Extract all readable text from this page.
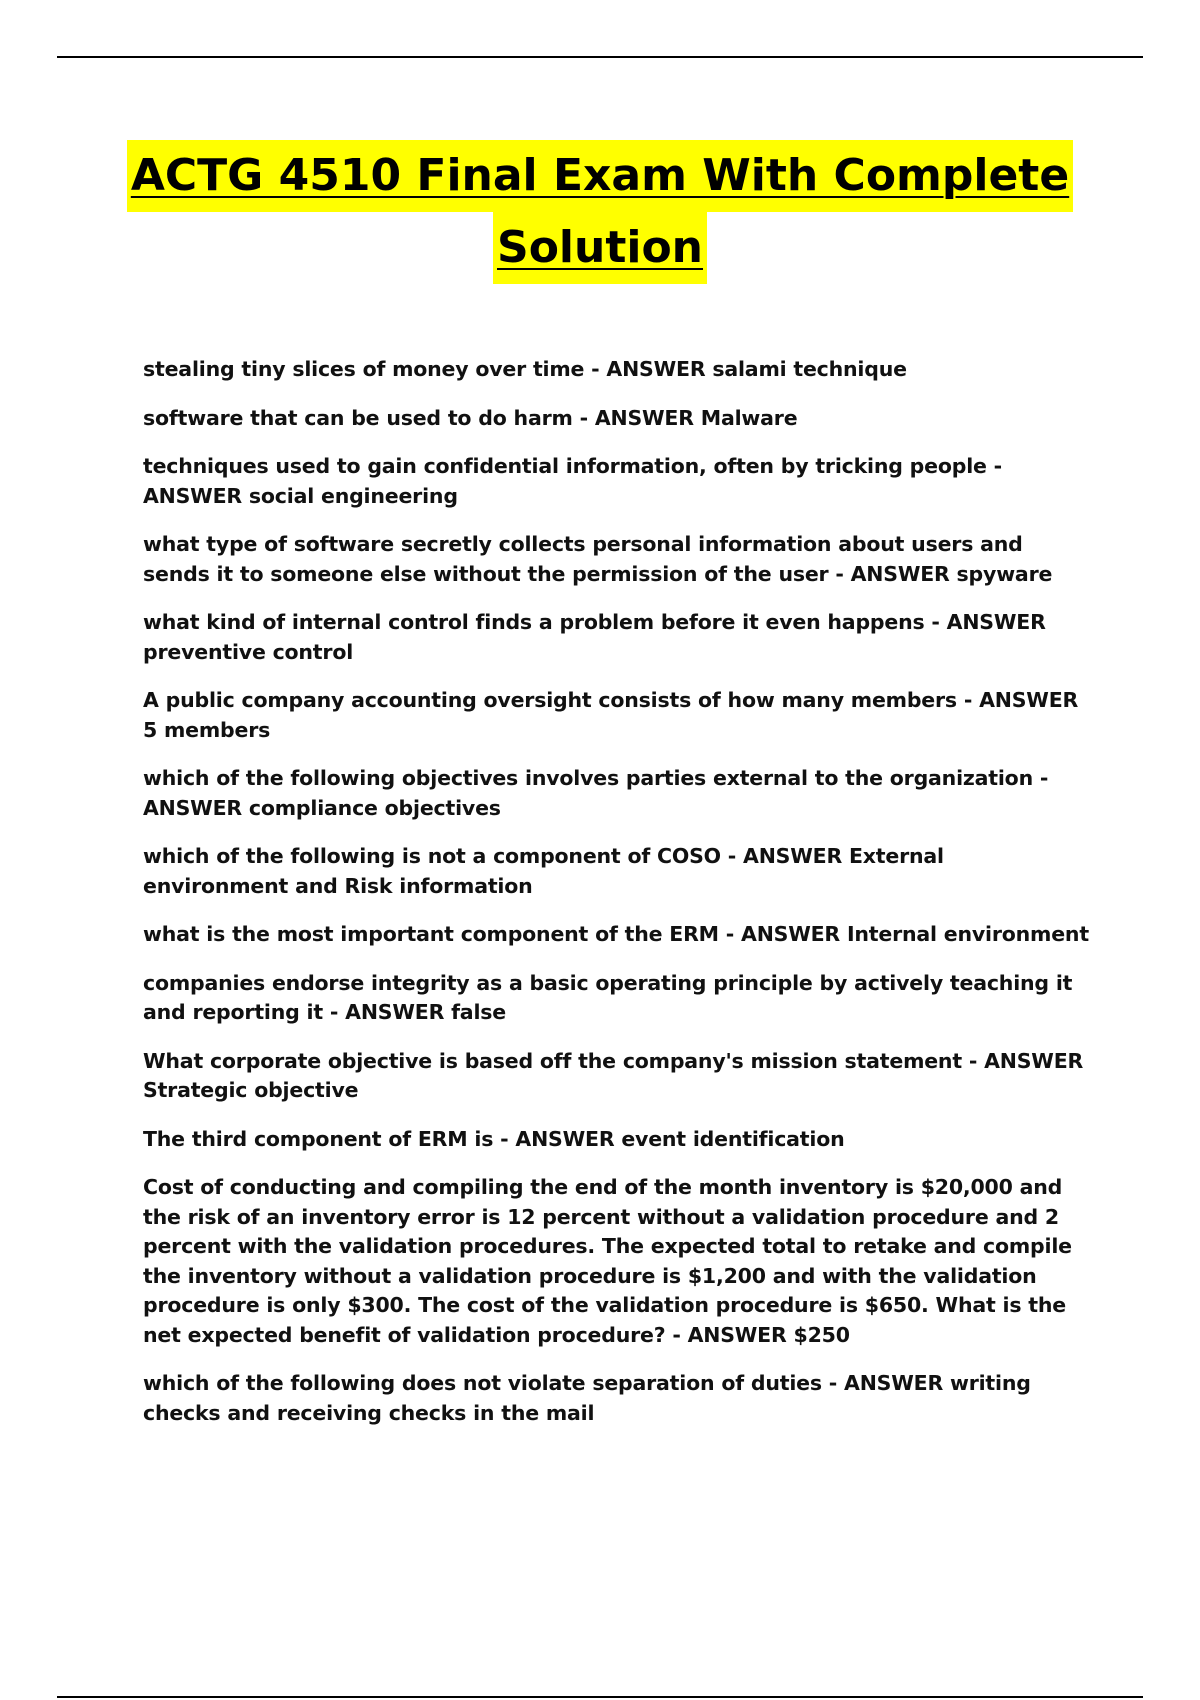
ACTG 4510 Final Exam With Complete
Solution
stealing tiny slices of money over time - ANSWER salami technique
software that can be used to do harm - ANSWER Malware
techniques used to gain confidential information, often by tricking people - ANSWER social engineering
what type of software secretly collects personal information about users and sends it to someone else without the permission of the user - ANSWER spyware
what kind of internal control finds a problem before it even happens - ANSWER preventive control
A public company accounting oversight consists of how many members - ANSWER 5 members
which of the following objectives involves parties external to the organization - ANSWER compliance objectives
which of the following is not a component of COSO - ANSWER External environment and Risk information
what is the most important component of the ERM - ANSWER Internal environment
companies endorse integrity as a basic operating principle by actively teaching it and reporting it - ANSWER false
What corporate objective is based off the company's mission statement - ANSWER Strategic objective
The third component of ERM is - ANSWER event identification
Cost of conducting and compiling the end of the month inventory is $20,000 and the risk of an inventory error is 12 percent without a validation procedure and 2 percent with the validation procedures. The expected total to retake and compile the inventory without a validation procedure is $1,200 and with the validation procedure is only $300. The cost of the validation procedure is $650. What is the net expected benefit of validation procedure? - ANSWER $250
which of the following does not violate separation of duties - ANSWER writing checks and receiving checks in the mail
